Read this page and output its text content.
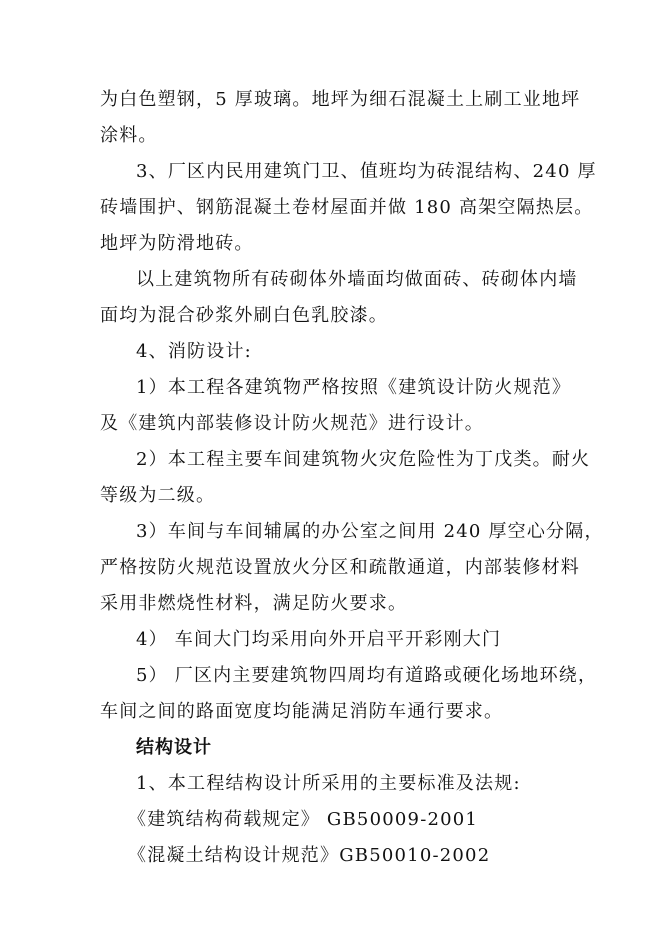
为白色塑钢，5 厚玻璃。地坪为细石混凝土上刷工业地坪
涂料。
3、厂区内民用建筑门卫、值班均为砖混结构、240 厚
砖墙围护、钢筋混凝土卷材屋面并做 180 高架空隔热层。
地坪为防滑地砖。
以上建筑物所有砖砌体外墙面均做面砖、砖砌体内墙
面均为混合砂浆外刷白色乳胶漆。
4、消防设计:
1）本工程各建筑物严格按照《建筑设计防火规范》
及《建筑内部装修设计防火规范》进行设计。
2）本工程主要车间建筑物火灾危险性为丁戊类。耐火
等级为二级。
3）车间与车间辅属的办公室之间用 240 厚空心分隔，
严格按防火规范设置放火分区和疏散通道，内部装修材料
采用非燃烧性材料，满足防火要求。
4） 车间大门均采用向外开启平开彩刚大门
5） 厂区内主要建筑物四周均有道路或硬化场地环绕，
车间之间的路面宽度均能满足消防车通行要求。
结构设计
1、本工程结构设计所采用的主要标准及法规:
《建筑结构荷载规定》 GB50009-2001
《混凝土结构设计规范》GB50010-2002
